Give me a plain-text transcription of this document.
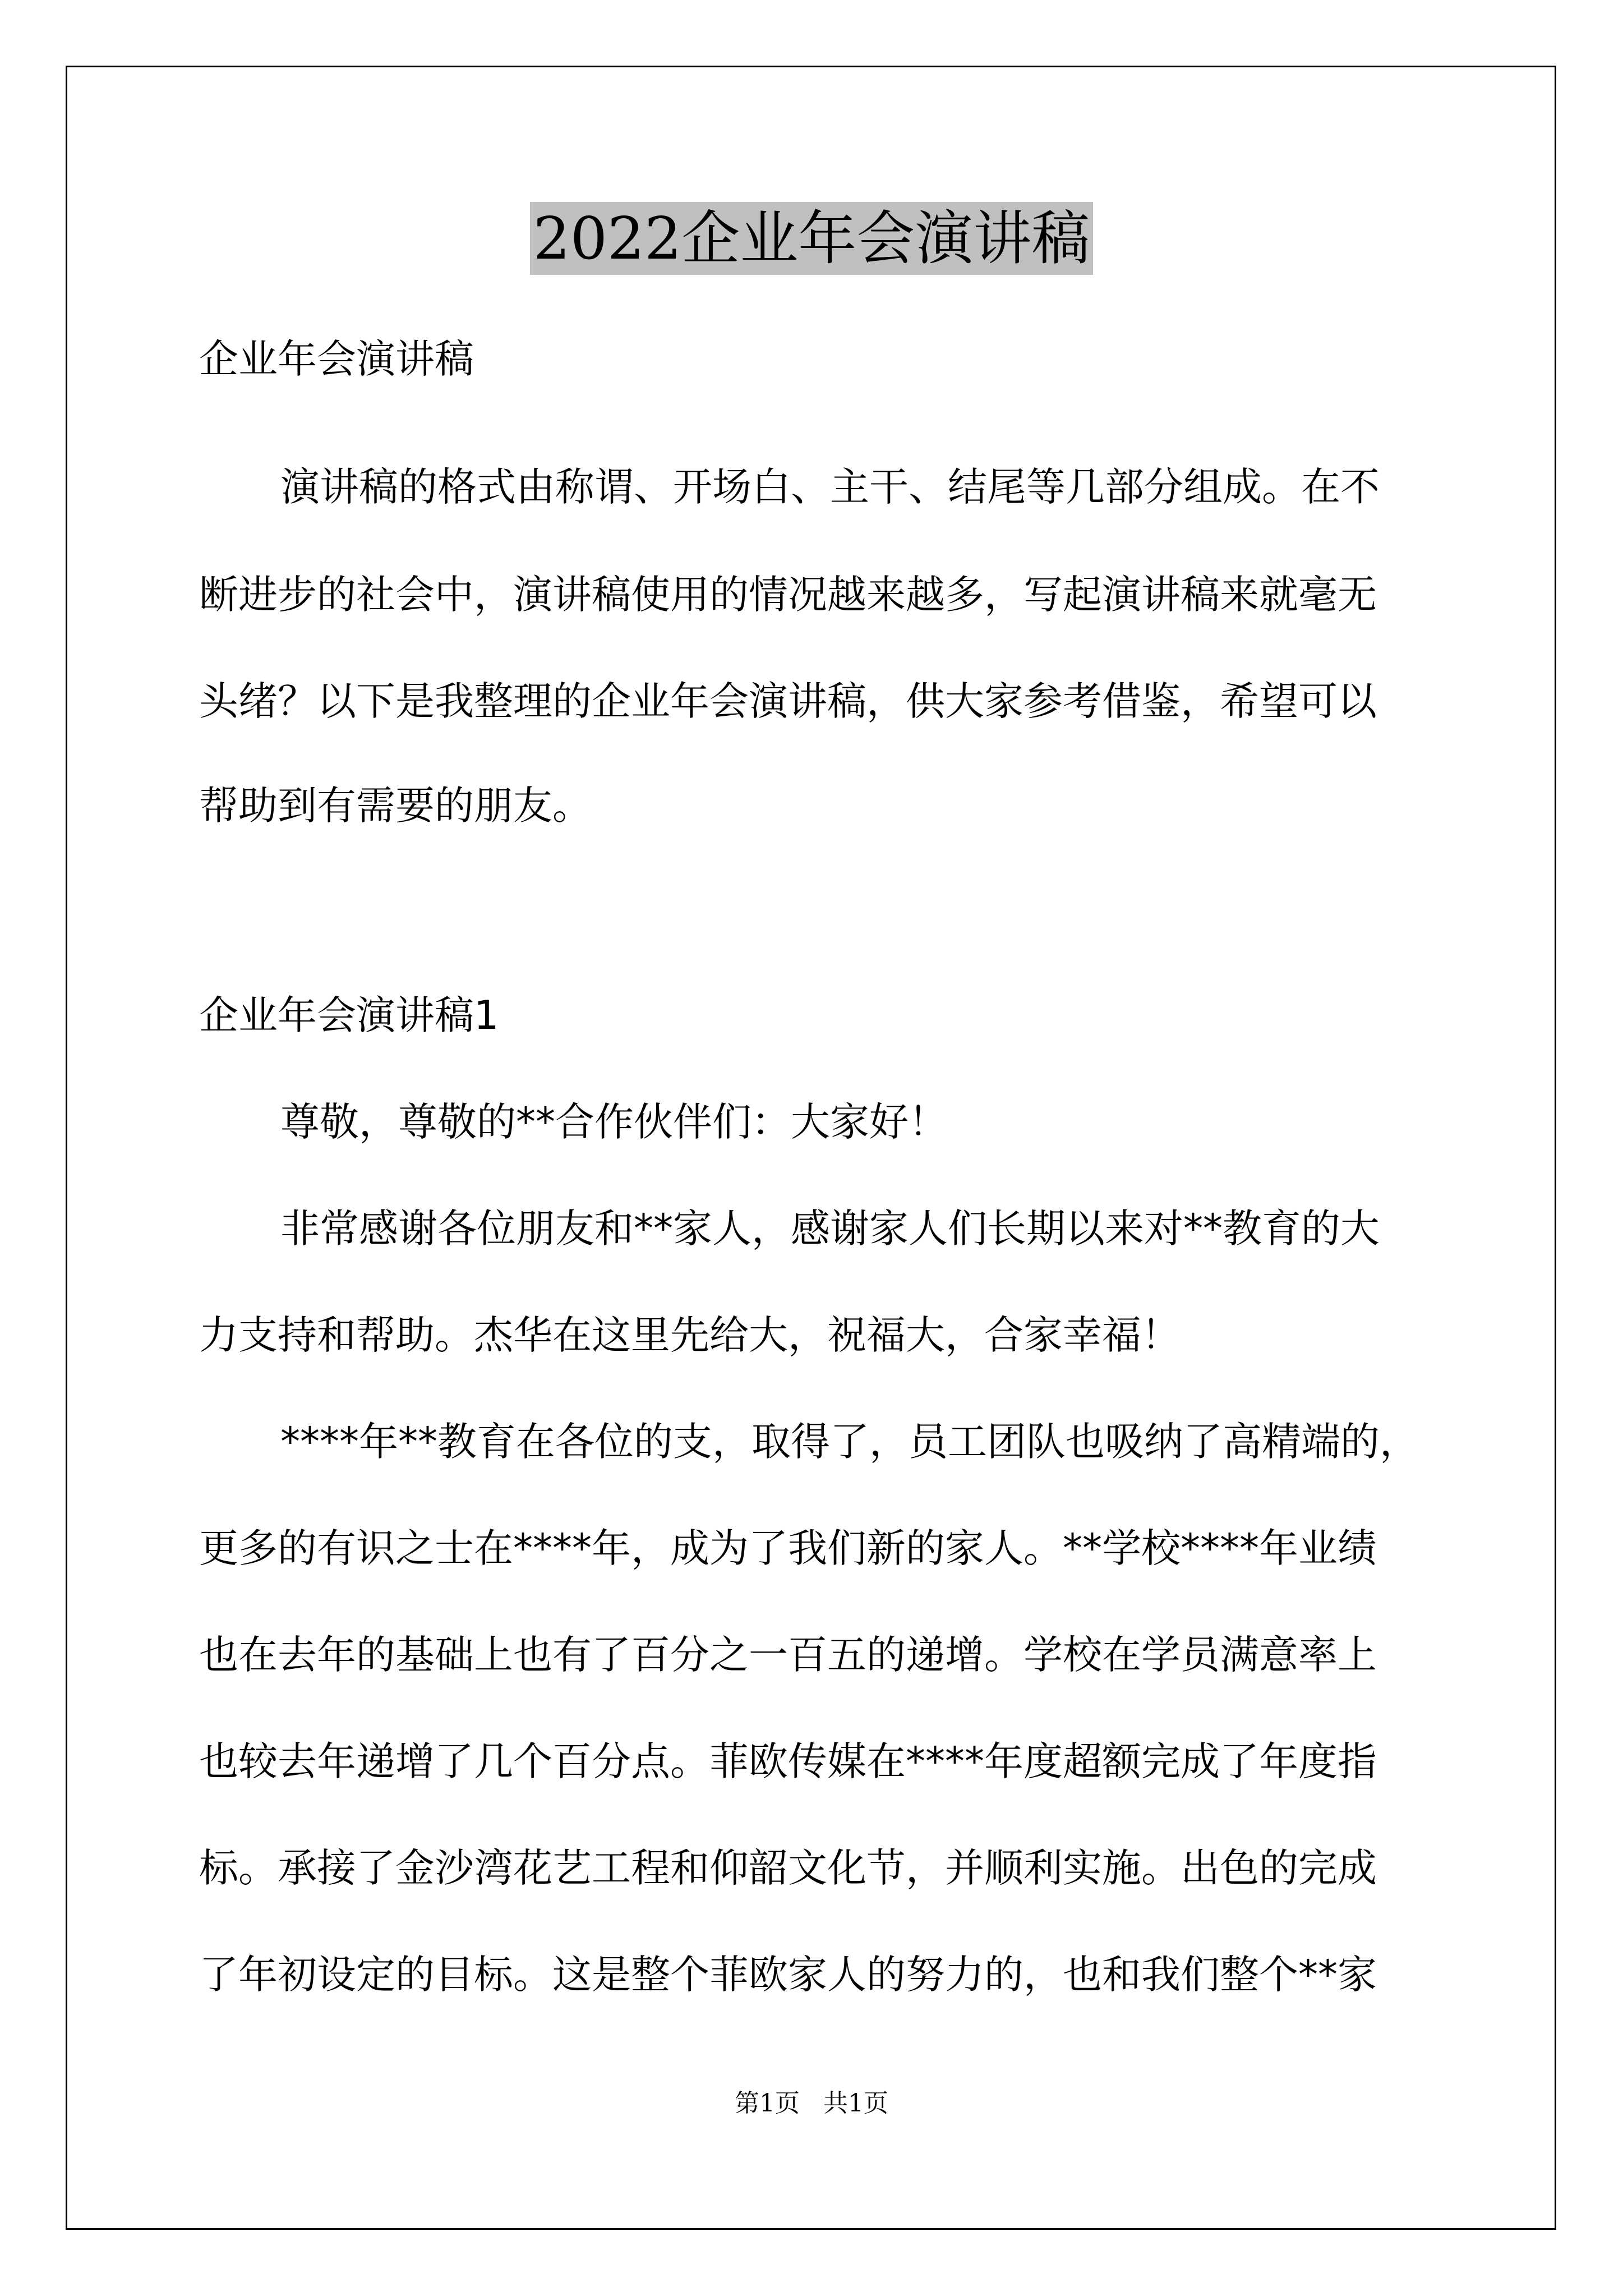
2022企业年会演讲稿
企业年会演讲稿
演讲稿的格式由称谓、开场白、主干、结尾等几部分组成。在不
断进步的社会中，演讲稿使用的情况越来越多，写起演讲稿来就毫无
头绪？以下是我整理的企业年会演讲稿，供大家参考借鉴，希望可以
帮助到有需要的朋友。
企业年会演讲稿1
尊敬，尊敬的**合作伙伴们：大家好！
非常感谢各位朋友和**家人，感谢家人们长期以来对**教育的大
力支持和帮助。杰华在这里先给大，祝福大，合家幸福！
****年**教育在各位的支，取得了，员工团队也吸纳了高精端的，
更多的有识之士在****年，成为了我们新的家人。**学校****年业绩
也在去年的基础上也有了百分之一百五的递增。学校在学员满意率上
也较去年递增了几个百分点。菲欧传媒在****年度超额完成了年度指
标。承接了金沙湾花艺工程和仰韶文化节，并顺利实施。出色的完成
了年初设定的目标。这是整个菲欧家人的努力的，也和我们整个**家
第1页   共1页
